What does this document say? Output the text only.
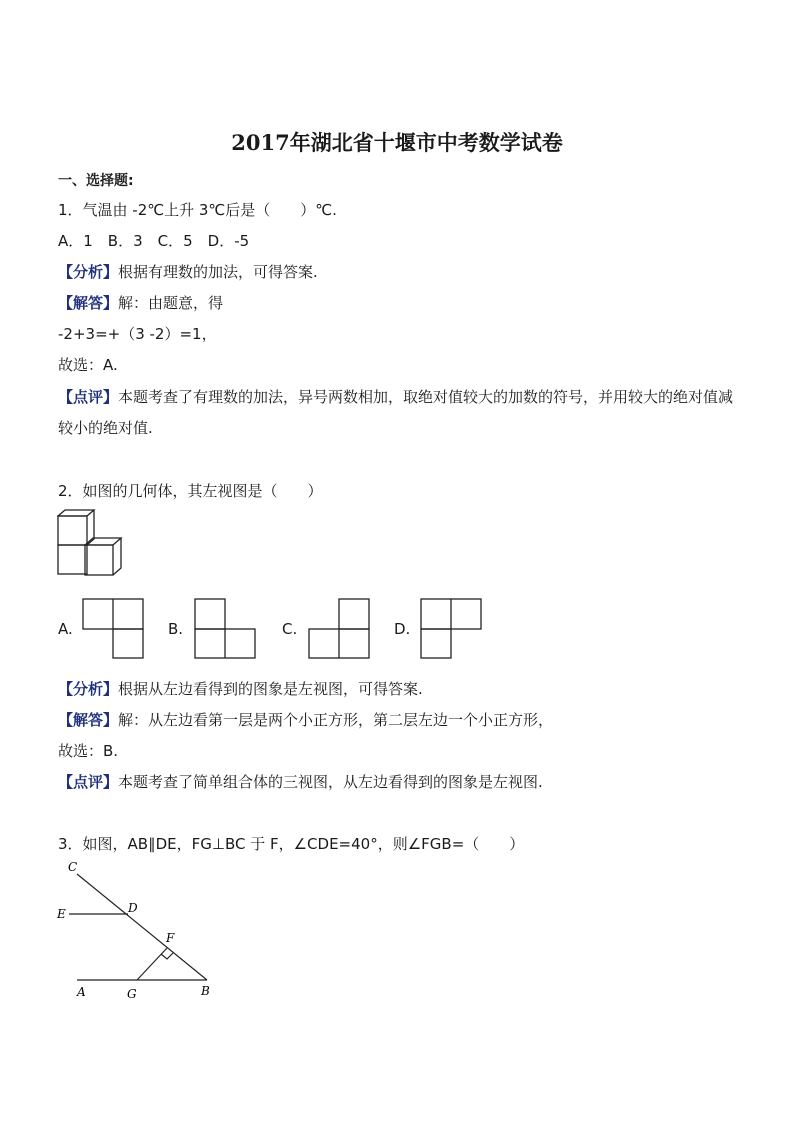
2017年湖北省十堰市中考数学试卷
一、选择题:
1．气温由 -2℃上升 3℃后是（　　）℃.
A．1　B．3　C．5　D．-5
【分析】根据有理数的加法，可得答案.
【解答】解：由题意，得
-2+3=+（3 -2）=1，
故选：A.
【点评】本题考查了有理数的加法，异号两数相加，取绝对值较大的加数的符号，并用较大的绝对值减较小的绝对值.
2．如图的几何体，其左视图是（　　）
A.	B.	C.	D.
【分析】根据从左边看得到的图象是左视图，可得答案.
【解答】解：从左边看第一层是两个小正方形，第二层左边一个小正方形，
故选：B.
【点评】本题考查了简单组合体的三视图，从左边看得到的图象是左视图.
3．如图，AB∥DE，FG⊥BC 于 F，∠CDE=40°，则∠FGB=（　　）
C
D
E
F
A	G	B
